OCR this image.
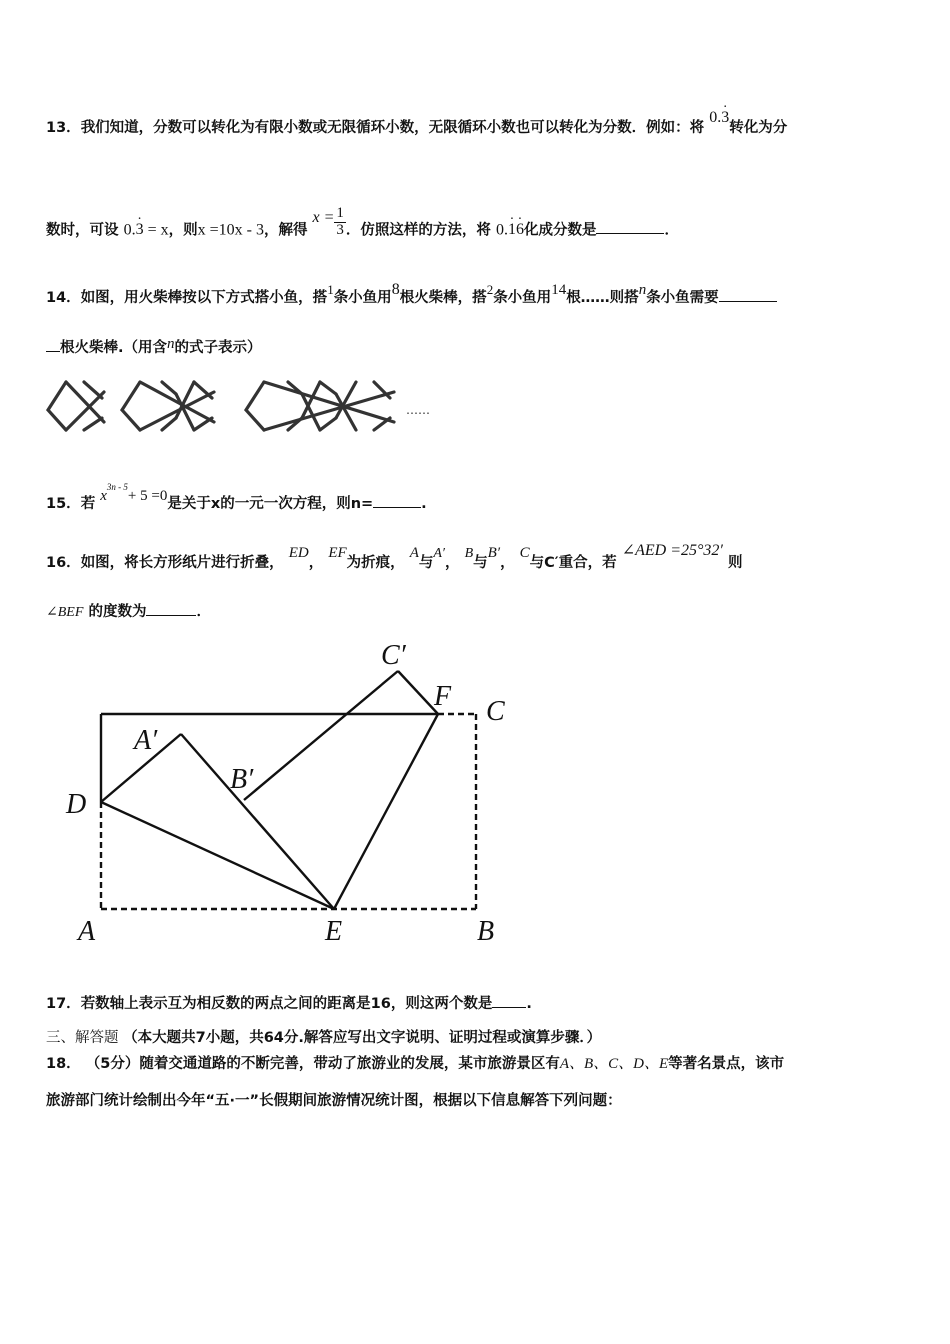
13．我们知道，分数可以转化为有限小数或无限循环小数，无限循环小数也可以转化为分数．例如：将 0.3 ·转化为分
数时，可设 0.3 · = x，则x =10x - 3，解得 $x = \frac{1}{3}$ ．仿照这样的方法，将 0.1 ·6 ·化成分数是	．
14．如图，用火柴棒按以下方式搭小鱼，搭1条小鱼用8根火柴棒，搭2条小鱼用14根……则搭n条小鱼需要
根火柴棒.（用含n的式子表示）
……
15．若 $x^{3n - 5}+ 5 =0$是关于x的一元一次方程，则n=	.
16．如图，将长方形纸片进行折叠， ED， EF为折痕， A与A′， B与B′， C与C′重合，若 ∠AED =25°32′ 则
∠BEF 的度数为	．
C′
F C
A′
B′
D
A	E	B
17．若数轴上表示互为相反数的两点之间的距离是16，则这两个数是 .
三、解答题 （本大题共7小题，共64分.解答应写出文字说明、证明过程或演算步骤．）
18． （5分）随着交通道路的不断完善，带动了旅游业的发展，某市旅游景区有A、B、C、D、E等著名景点，该市
旅游部门统计绘制出今年“五·一”长假期间旅游情况统计图，根据以下信息解答下列问题：
